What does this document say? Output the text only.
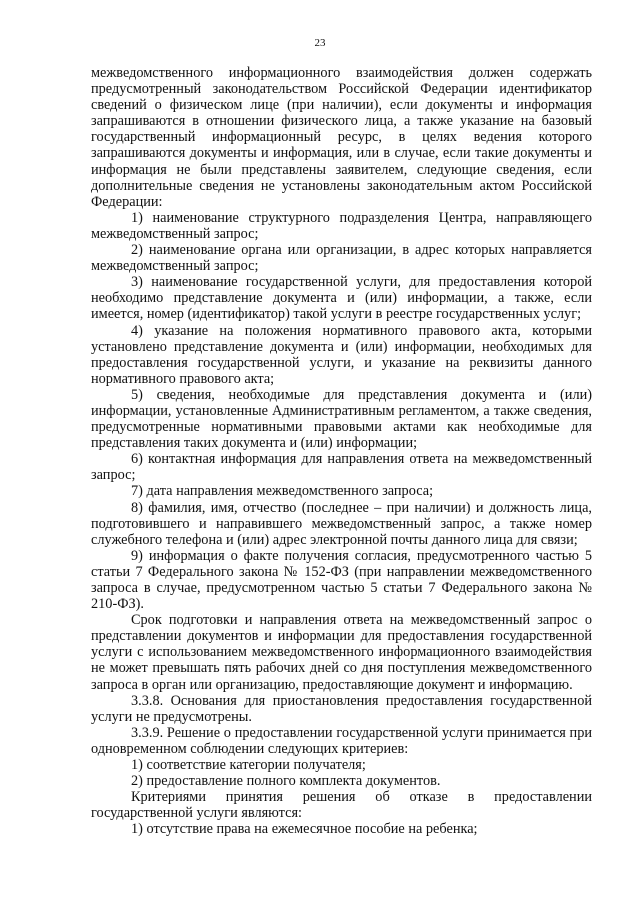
23

межведомственного информационного взаимодействия должен содержать предусмотренный законодательством Российской Федерации идентификатор сведений о физическом лице (при наличии), если документы и информация запрашиваются в отношении физического лица, а также указание на базовый государственный информационный ресурс, в целях ведения которого запрашиваются документы и информация, или в случае, если такие документы и информация не были представлены заявителем, следующие сведения, если дополнительные сведения не установлены законодательным актом Российской Федерации:

1) наименование структурного подразделения Центра, направляющего межведомственный запрос;

2) наименование органа или организации, в адрес которых направляется межведомственный запрос;

3) наименование государственной услуги, для предоставления которой необходимо представление документа и (или) информации, а также, если имеется, номер (идентификатор) такой услуги в реестре государственных услуг;

4) указание на положения нормативного правового акта, которыми установлено представление документа и (или) информации, необходимых для предоставления государственной услуги, и указание на реквизиты данного нормативного правового акта;

5) сведения, необходимые для представления документа и (или) информации, установленные Административным регламентом, а также сведения, предусмотренные нормативными правовыми актами как необходимые для представления таких документа и (или) информации;

6) контактная информация для направления ответа на межведомственный запрос;

7) дата направления межведомственного запроса;

8) фамилия, имя, отчество (последнее – при наличии) и должность лица, подготовившего и направившего межведомственный запрос, а также номер служебного телефона и (или) адрес электронной почты данного лица для связи;

9) информация о факте получения согласия, предусмотренного частью 5 статьи 7 Федерального закона № 152-ФЗ (при направлении межведомственного запроса в случае, предусмотренном частью 5 статьи 7 Федерального закона № 210-ФЗ).

Срок подготовки и направления ответа на межведомственный запрос о представлении документов и информации для предоставления государственной услуги с использованием межведомственного информационного взаимодействия не может превышать пять рабочих дней со дня поступления межведомственного запроса в орган или организацию, предоставляющие документ и информацию.

3.3.8. Основания для приостановления предоставления государственной услуги не предусмотрены.

3.3.9. Решение о предоставлении государственной услуги принимается при одновременном соблюдении следующих критериев:

1) соответствие категории получателя;

2) предоставление полного комплекта документов.

Критериями принятия решения об отказе в предоставлении государственной услуги являются:

1) отсутствие права на ежемесячное пособие на ребенка;
